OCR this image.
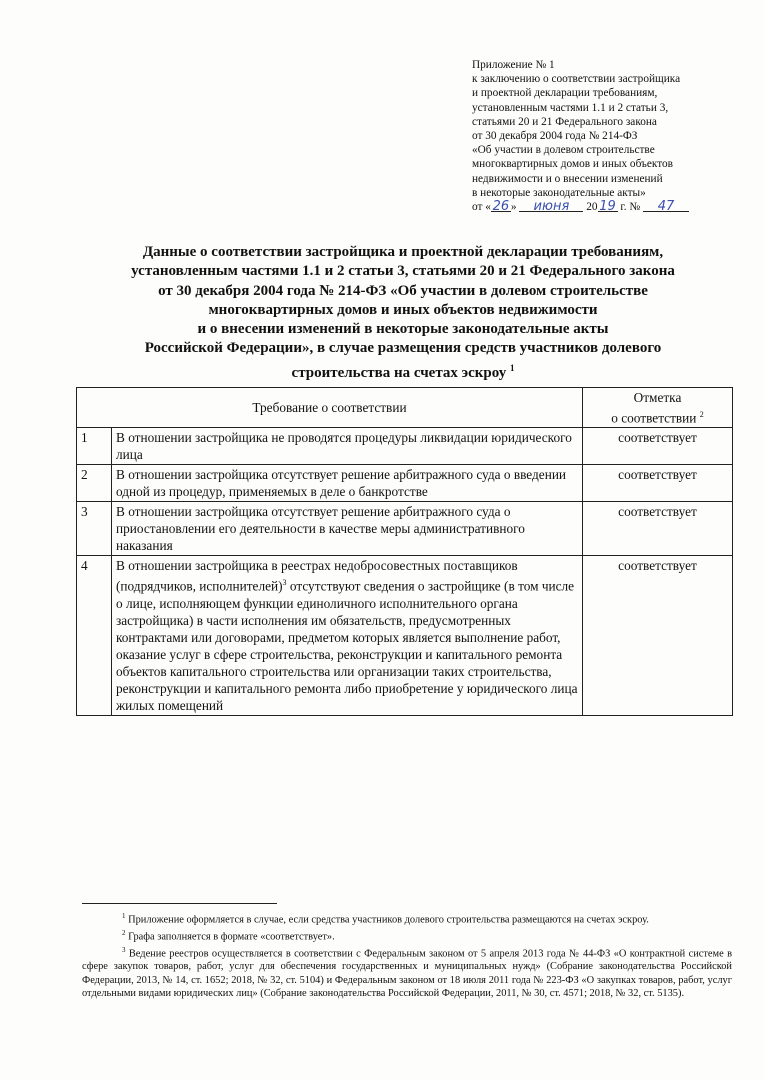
Приложение № 1
к заключению о соответствии застройщика
и проектной декларации требованиям,
установленным частями 1.1 и 2 статьи 3,
статьями 20 и 21 Федерального закона
от 30 декабря 2004 года № 214-ФЗ
«Об участии в долевом строительстве
многоквартирных домов и иных объектов
недвижимости и о внесении изменений
в некоторые законодательные акты»
от « 26 » июня 20 19 г. № 47
Данные о соответствии застройщика и проектной декларации требованиям,
установленным частями 1.1 и 2 статьи 3, статьями 20 и 21 Федерального закона
от 30 декабря 2004 года № 214-ФЗ «Об участии в долевом строительстве
многоквартирных домов и иных объектов недвижимости
и о внесении изменений в некоторые законодательные акты
Российской Федерации», в случае размещения средств участников долевого
строительства на счетах эскроу $^1$
Требование о соответствии		Отметка
о соответствии $^2$

1	В отношении застройщика не проводятся процедуры ликвидации юридического лица	соответствует
2	В отношении застройщика отсутствует решение арбитражного суда о введении одной из процедур, применяемых в деле о банкротстве	соответствует
3	В отношении застройщика отсутствует решение арбитражного суда о приостановлении его деятельности в качестве меры административного наказания	соответствует
4	В отношении застройщика в реестрах недобросовестных поставщиков (подрядчиков, исполнителей)$^3$ отсутствуют сведения о застройщике (в том числе о лице, исполняющем функции единоличного исполнительного органа застройщика) в части исполнения им обязательств, предусмотренных контрактами или договорами, предметом которых является выполнение работ, оказание услуг в сфере строительства, реконструкции и капитального ремонта объектов капитального строительства или организации таких строительства, реконструкции и капитального ремонта либо приобретение у юридического лица жилых помещений	соответствует

$^1$ Приложение оформляется в случае, если средства участников долевого строительства размещаются на счетах эскроу.

$^2$ Графа заполняется в формате «соответствует».

$^3$ Ведение реестров осуществляется в соответствии с Федеральным законом от 5 апреля 2013 года № 44-ФЗ «О контрактной системе в сфере закупок товаров, работ, услуг для обеспечения государственных и муниципальных нужд» (Собрание законодательства Российской Федерации, 2013, № 14, ст. 1652; 2018, № 32, ст. 5104) и Федеральным законом от 18 июля 2011 года № 223-ФЗ «О закупках товаров, работ, услуг отдельными видами юридических лиц» (Собрание законодательства Российской Федерации, 2011, № 30, ст. 4571; 2018, № 32, ст. 5135).
